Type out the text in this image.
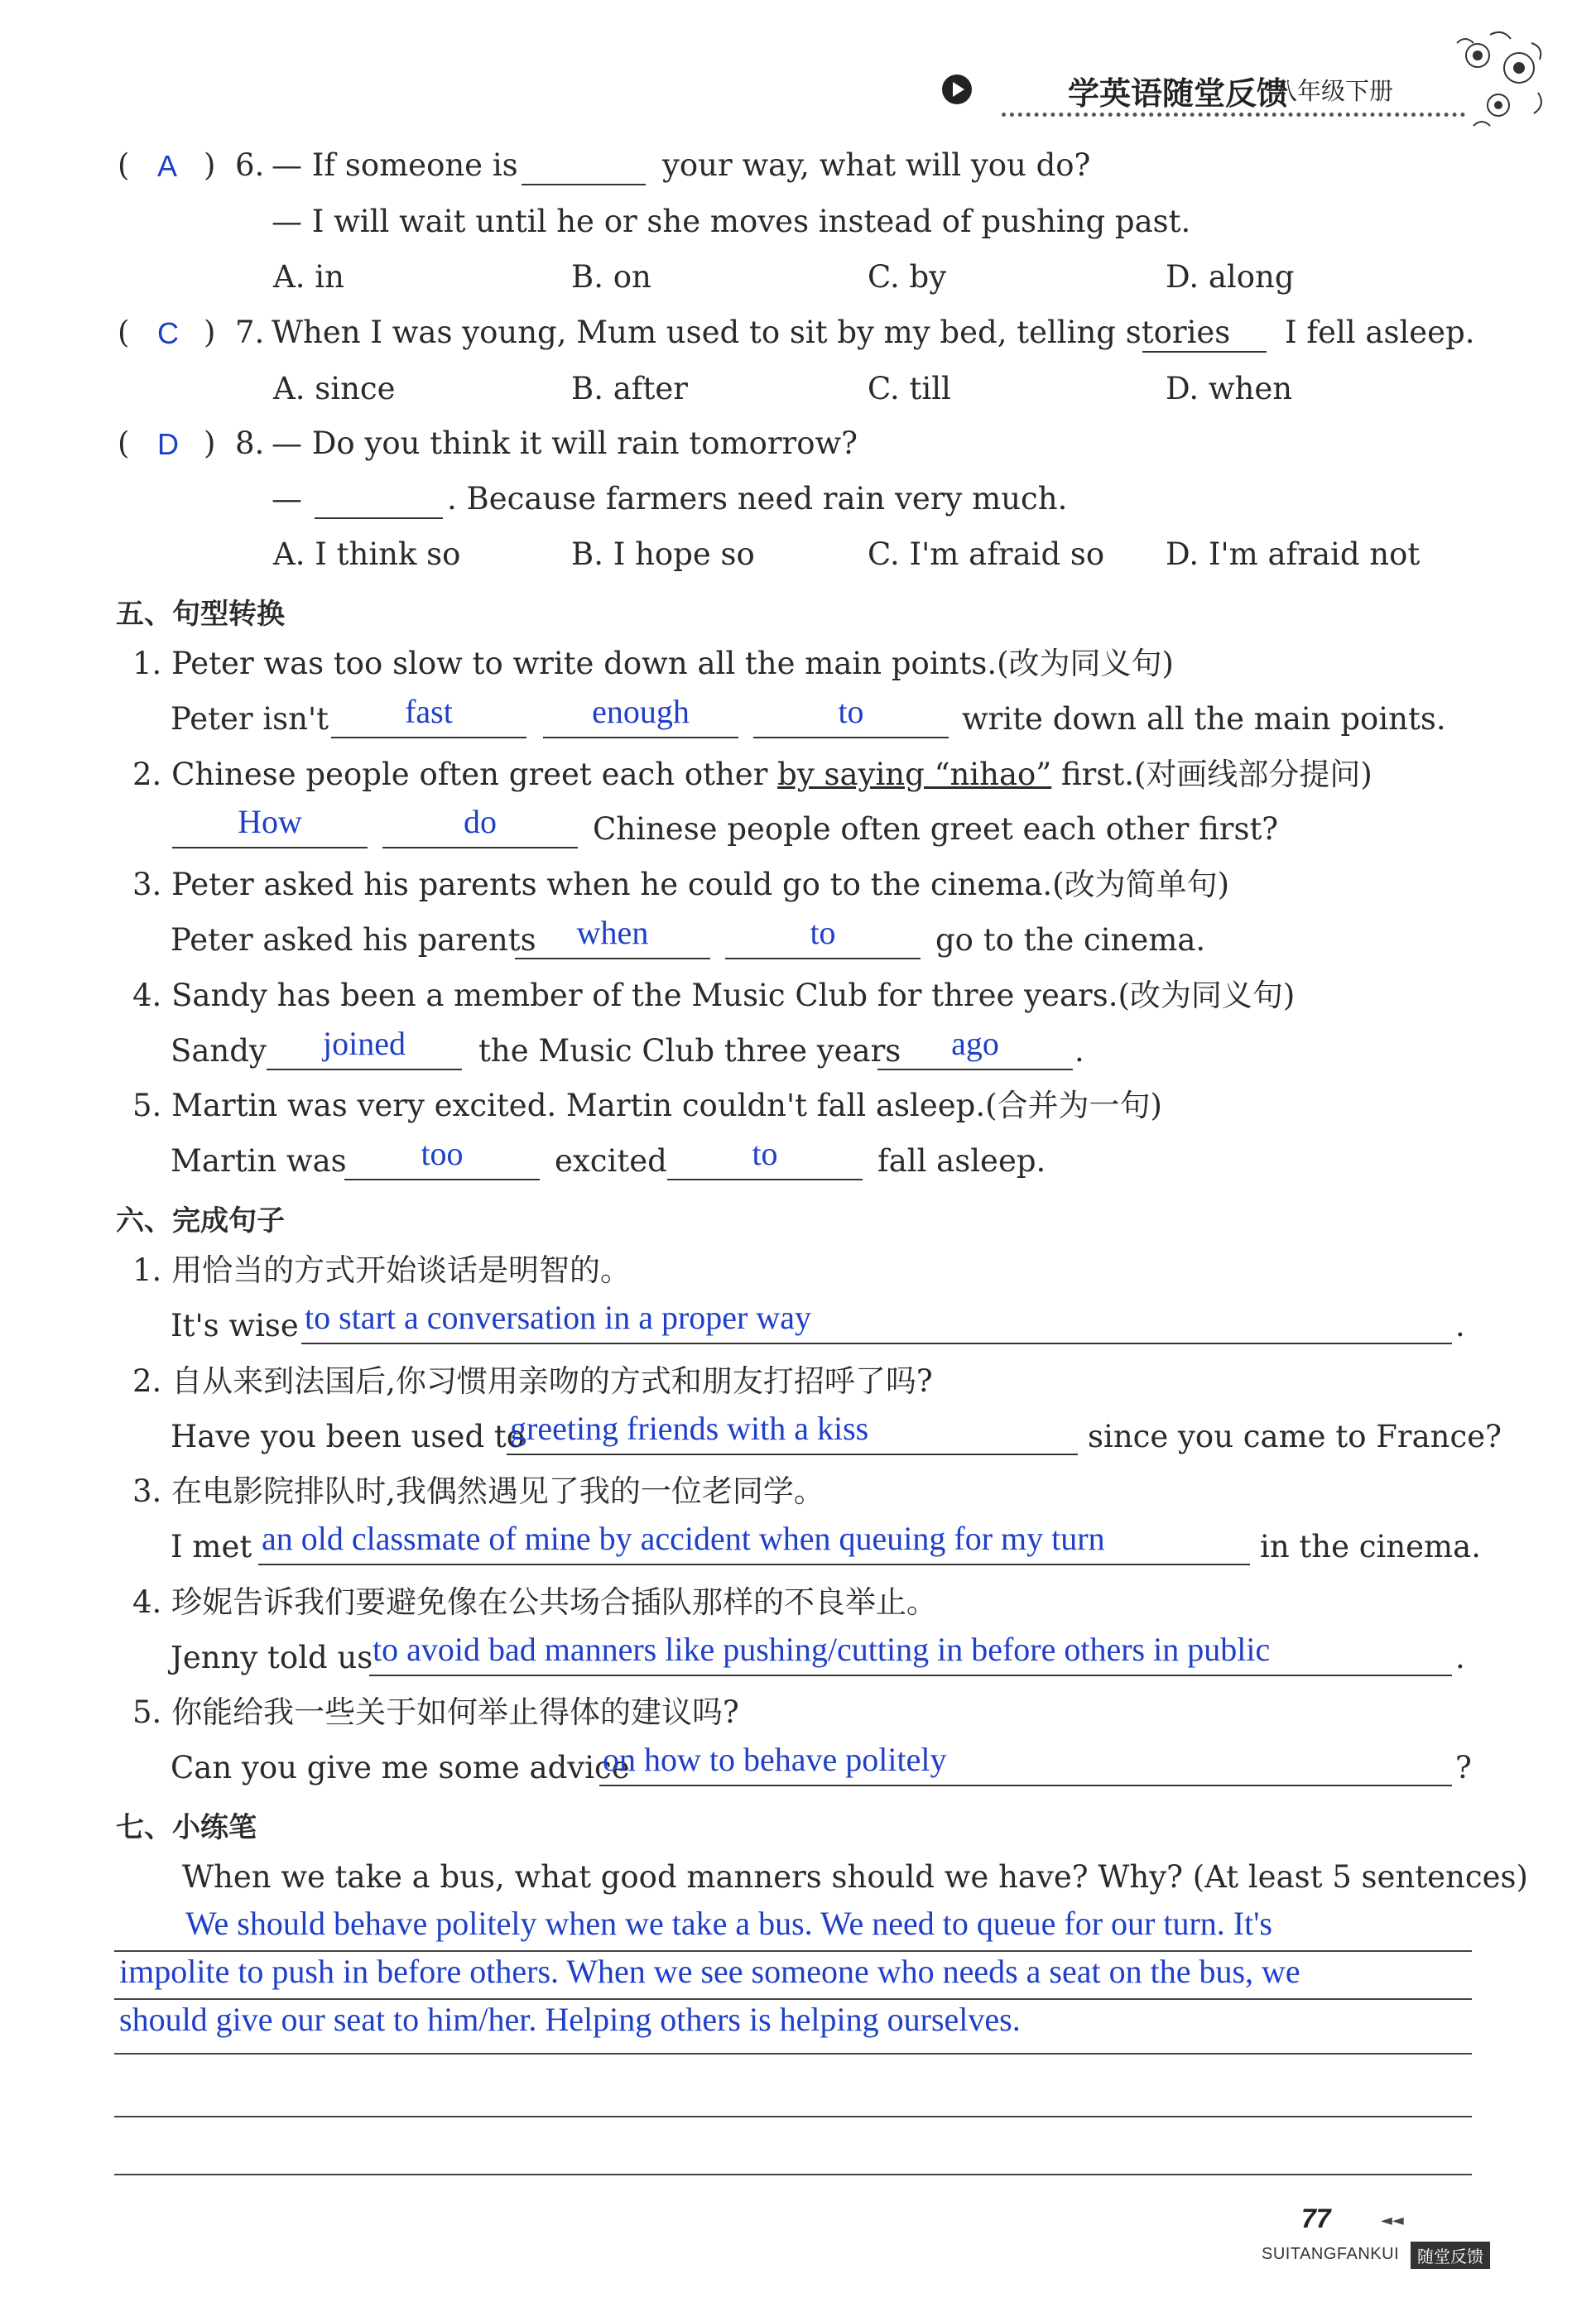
学英语随堂反馈
八年级下册
( A ) 6. — If someone is	your way, what will you do?
— I will wait until he or she moves instead of pushing past.
A. in	B. on	C. by	D. along
( C ) 7. When I was young, Mum used to sit by my bed, telling stories I fell asleep.
A. since	B. after	C. till	D. when
( D ) 8. — Do you think it will rain tomorrow?
—	. Because farmers need rain very much.
A. I think so	B. I hope so	C. I'm afraid so D. I'm afraid not
五、句型转换
1. Peter was too slow to write down all the main points.(改为同义句)
Peter isn't	fast	enough	to	write down all the main points.
2. Chinese people often greet each other by saying “nihao” first.(对画线部分提问)
How	do	Chinese people often greet each other first?
3. Peter asked his parents when he could go to the cinema.(改为简单句)
Peter asked his parents	when	to	go to the cinema.
4. Sandy has been a member of the Music Club for three years.(改为同义句)
Sandy	joined	the Music Club three years	ago	.
5. Martin was very excited. Martin couldn't fall asleep.(合并为一句)
Martin was	too	excited	to	fall asleep.
六、完成句子
1. 用恰当的方式开始谈话是明智的。
It's wise to start a conversation in a proper way	.
2. 自从来到法国后,你习惯用亲吻的方式和朋友打招呼了吗?
Have you been used to
greeting friends with a kiss	since you came to France?
3. 在电影院排队时,我偶然遇见了我的一位老同学。
I met an old classmate of mine by accident when queuing for my turn	in the cinema.
4. 珍妮告诉我们要避免像在公共场合插队那样的不良举止。
Jenny told us to avoid bad manners like pushing/cutting in before others in public	.
5. 你能给我一些关于如何举止得体的建议吗?
Can you give me some advice
on how to behave politely	?
七、小练笔
When we take a bus, what good manners should we have? Why? (At least 5 sentences)
We should behave politely when we take a bus. We need to queue for our turn. It's
impolite to push in before others. When we see someone who needs a seat on the bus, we
should give our seat to him/her. Helping others is helping ourselves.
77	◄◄
SUITANGFANKUI	随堂反馈
